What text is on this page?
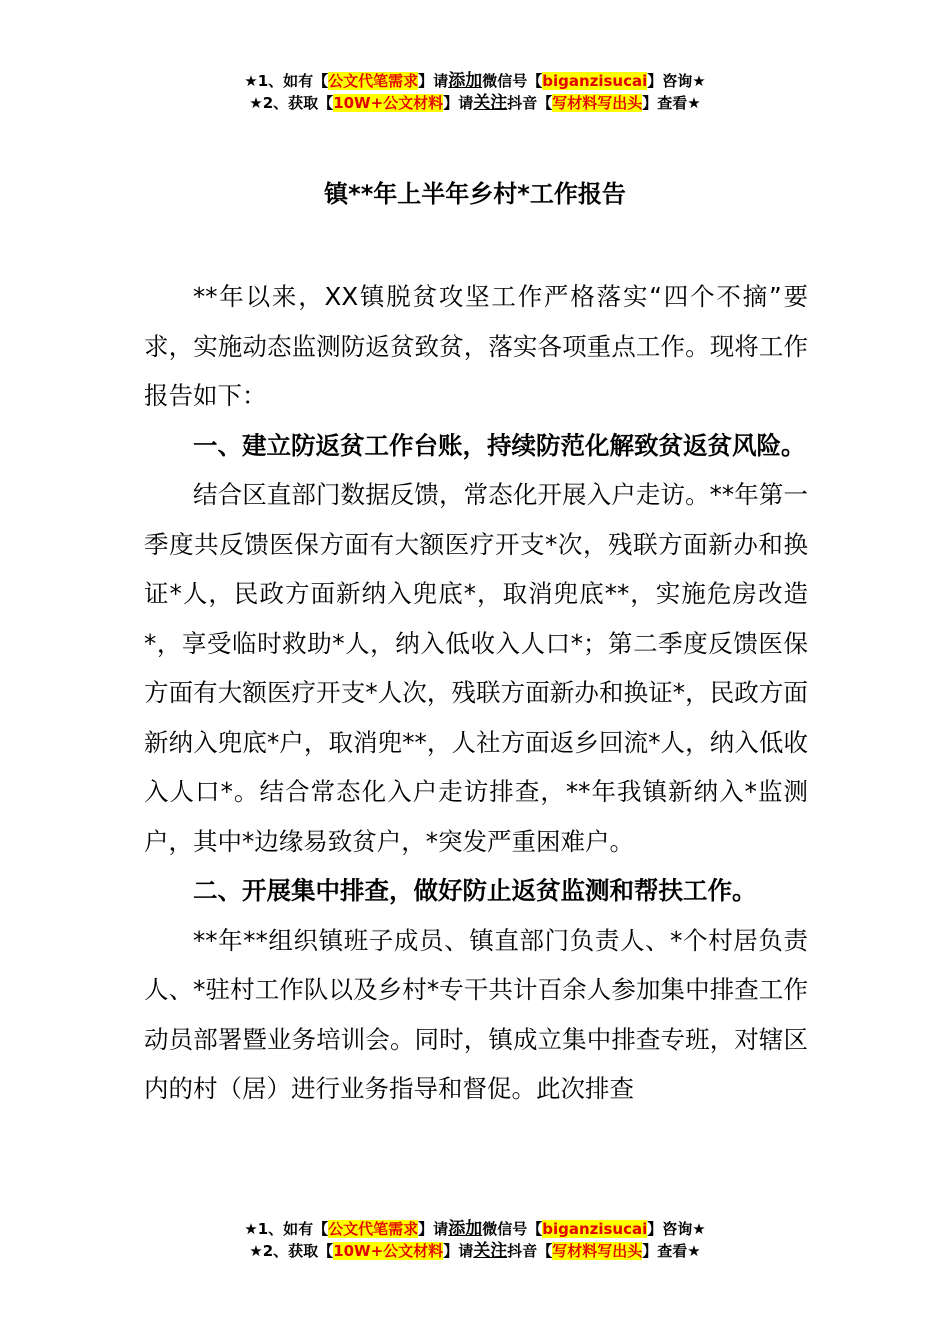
★1、如有【公文代笔需求】请添加微信号【biganzisucai】咨询★
★2、获取【10W+公文材料】请关注抖音【写材料写出头】查看★
镇**年上半年乡村*工作报告

**年以来，XX镇脱贫攻坚工作严格落实“四个不摘”要求，实施动态监测防返贫致贫，落实各项重点工作。现将工作报告如下：

一、建立防返贫工作台账，持续防范化解致贫返贫风险。

结合区直部门数据反馈，常态化开展入户走访。**年第一季度共反馈医保方面有大额医疗开支*次，残联方面新办和换证*人，民政方面新纳入兜底*，取消兜底**，实施危房改造*，享受临时救助*人，纳入低收入人口*；第二季度反馈医保方面有大额医疗开支*人次，残联方面新办和换证*，民政方面新纳入兜底*户，取消兜**，人社方面返乡回流*人，纳入低收入人口*。结合常态化入户走访排查，**年我镇新纳入*监测户，其中*边缘易致贫户，*突发严重困难户。

二、开展集中排查，做好防止返贫监测和帮扶工作。

**年**组织镇班子成员、镇直部门负责人、*个村居负责人、*驻村工作队以及乡村*专干共计百余人参加集中排查工作动员部署暨业务培训会。同时，镇成立集中排查专班，对辖区内的村（居）进行业务指导和督促。此次排查

★1、如有【公文代笔需求】请添加微信号【biganzisucai】咨询★
★2、获取【10W+公文材料】请关注抖音【写材料写出头】查看★
